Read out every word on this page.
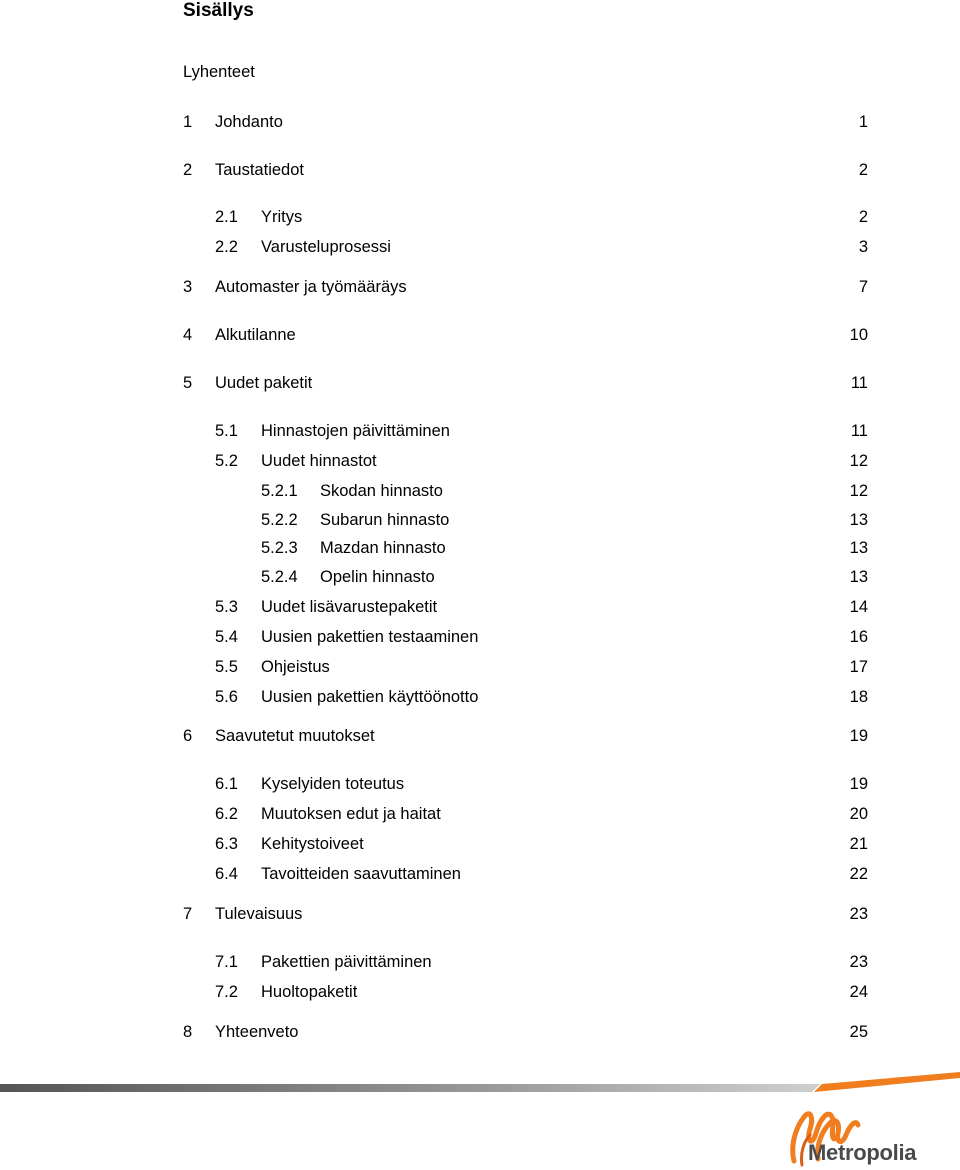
Sisällys
Lyhenteet
1 Johdanto	1
2 Taustatiedot	2
2.1 Yritys	2
2.2 Varusteluprosessi	3
3 Automaster ja työmääräys	7
4 Alkutilanne	10
5 Uudet paketit	11
5.1 Hinnastojen päivittäminen	11
5.2 Uudet hinnastot	12
5.2.1 Skodan hinnasto	12
5.2.2 Subarun hinnasto	13
5.2.3 Mazdan hinnasto	13
5.2.4 Opelin hinnasto	13
5.3 Uudet lisävarustepaketit	14
5.4 Uusien pakettien testaaminen	16
5.5 Ohjeistus	17
5.6 Uusien pakettien käyttöönotto	18
6 Saavutetut muutokset	19
6.1 Kyselyiden toteutus	19
6.2 Muutoksen edut ja haitat	20
6.3 Kehitystoiveet	21
6.4 Tavoitteiden saavuttaminen	22
7 Tulevaisuus	23
7.1 Pakettien päivittäminen	23
7.2 Huoltopaketit	24
8 Yhteenveto	25
Metropolia
